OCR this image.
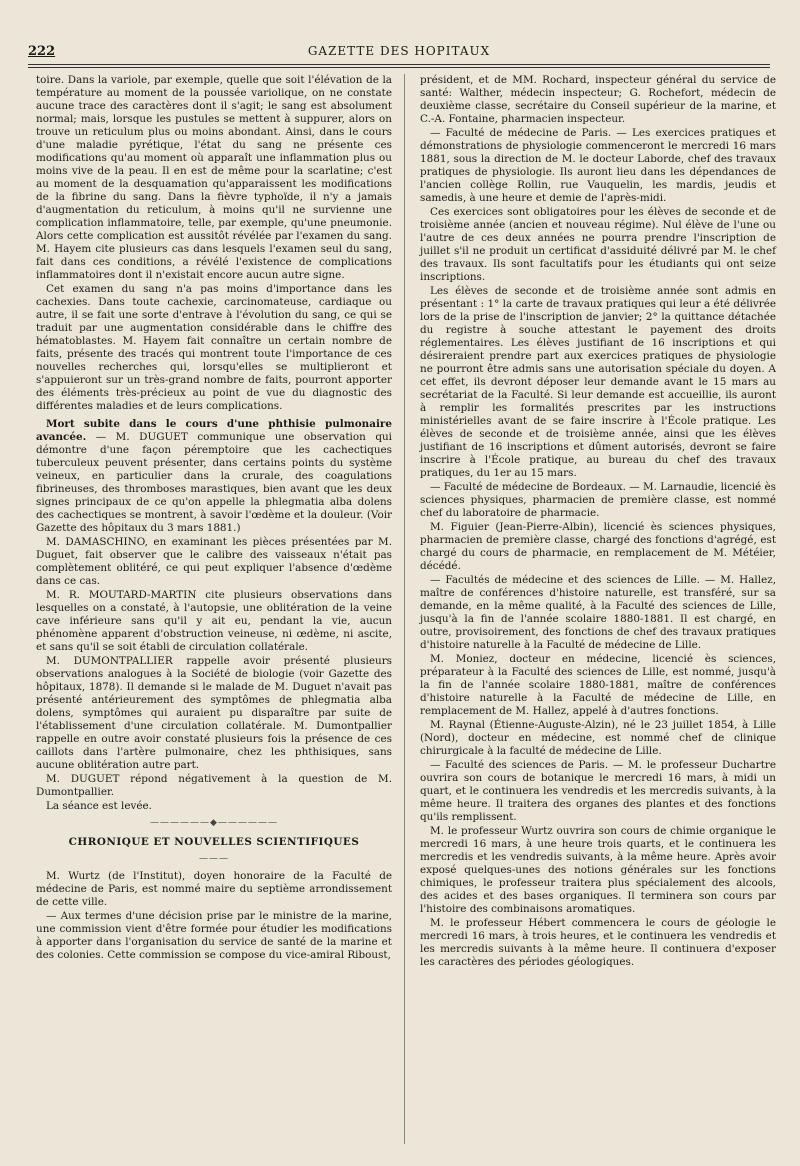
222	GAZETTE DES HOPITAUX

toire. Dans la variole, par exemple, quelle que soit l'élévation de la température au moment de la poussée variolique, on ne constate aucune trace des caractères dont il s'agit; le sang est absolument normal; mais, lorsque les pustules se mettent à suppurer, alors on trouve un reticulum plus ou moins abondant. Ainsi, dans le cours d'une maladie pyrétique, l'état du sang ne présente ces modifications qu'au moment où apparaît une inflammation plus ou moins vive de la peau. Il en est de même pour la scarlatine; c'est au moment de la desquamation qu'apparaissent les modifications de la fibrine du sang. Dans la fièvre typhoïde, il n'y a jamais d'augmentation du reticulum, à moins qu'il ne survienne une complication inflammatoire, telle, par exemple, qu'une pneumonie. Alors cette complication est aussitôt révélée par l'examen du sang. M. Hayem cite plusieurs cas dans lesquels l'examen seul du sang, fait dans ces conditions, a révélé l'existence de complications inflammatoires dont il n'existait encore aucun autre signe.

Cet examen du sang n'a pas moins d'importance dans les cachexies. Dans toute cachexie, carcinomateuse, cardiaque ou autre, il se fait une sorte d'entrave à l'évolution du sang, ce qui se traduit par une augmentation considérable dans le chiffre des hématoblastes. M. Hayem fait connaître un certain nombre de faits, présente des tracés qui montrent toute l'importance de ces nouvelles recherches qui, lorsqu'elles se multiplieront et s'appuieront sur un très-grand nombre de faits, pourront apporter des éléments très-précieux au point de vue du diagnostic des différentes maladies et de leurs complications.

Mort subite dans le cours d'une phthisie pulmonaire avancée. — M. DUGUET communique une observation qui démontre d'une façon péremptoire que les cachectiques tuberculeux peuvent présenter, dans certains points du système veineux, en particulier dans la crurale, des coagulations fibrineuses, des thromboses marastiques, bien avant que les deux signes principaux de ce qu'on appelle la phlegmatia alba dolens des cachectiques se montrent, à savoir l'œdème et la douleur. (Voir Gazette des hôpitaux du 3 mars 1881.)

M. DAMASCHINO, en examinant les pièces présentées par M. Duguet, fait observer que le calibre des vaisseaux n'était pas complètement oblitéré, ce qui peut expliquer l'absence d'œdème dans ce cas.

M. R. MOUTARD-MARTIN cite plusieurs observations dans lesquelles on a constaté, à l'autopsie, une oblitération de la veine cave inférieure sans qu'il y ait eu, pendant la vie, aucun phénomène apparent d'obstruction veineuse, ni œdème, ni ascite, et sans qu'il se soit établi de circulation collatérale.

M. DUMONTPALLIER rappelle avoir présenté plusieurs observations analogues à la Société de biologie (voir Gazette des hôpitaux, 1878). Il demande si le malade de M. Duguet n'avait pas présenté antérieurement des symptômes de phlegmatia alba dolens, symptômes qui auraient pu disparaître par suite de l'établissement d'une circulation collatérale. M. Dumontpallier rappelle en outre avoir constaté plusieurs fois la présence de ces caillots dans l'artère pulmonaire, chez les phthisiques, sans aucune oblitération autre part.

M. DUGUET répond négativement à la question de M. Dumontpallier.

La séance est levée.

——————◆——————
CHRONIQUE ET NOUVELLES SCIENTIFIQUES
———

M. Wurtz (de l'Institut), doyen honoraire de la Faculté de médecine de Paris, est nommé maire du septième arrondissement de cette ville.

— Aux termes d'une décision prise par le ministre de la marine, une commission vient d'être formée pour étudier les modifications à apporter dans l'organisation du service de santé de la marine et des colonies. Cette commission se compose du vice-amiral Riboust,

président, et de MM. Rochard, inspecteur général du service de santé: Walther, médecin inspecteur; G. Rochefort, médecin de deuxième classe, secrétaire du Conseil supérieur de la marine, et C.-A. Fontaine, pharmacien inspecteur.

— Faculté de médecine de Paris. — Les exercices pratiques et démonstrations de physiologie commenceront le mercredi 16 mars 1881, sous la direction de M. le docteur Laborde, chef des travaux pratiques de physiologie. Ils auront lieu dans les dépendances de l'ancien collège Rollin, rue Vauquelin, les mardis, jeudis et samedis, à une heure et demie de l'après-midi.

Ces exercices sont obligatoires pour les élèves de seconde et de troisième année (ancien et nouveau régime). Nul élève de l'une ou l'autre de ces deux années ne pourra prendre l'inscription de juillet s'il ne produit un certificat d'assiduité délivré par M. le chef des travaux. Ils sont facultatifs pour les étudiants qui ont seize inscriptions.

Les élèves de seconde et de troisième année sont admis en présentant : 1° la carte de travaux pratiques qui leur a été délivrée lors de la prise de l'inscription de janvier; 2° la quittance détachée du registre à souche attestant le payement des droits réglementaires. Les élèves justifiant de 16 inscriptions et qui désireraient prendre part aux exercices pratiques de physiologie ne pourront être admis sans une autorisation spéciale du doyen. A cet effet, ils devront déposer leur demande avant le 15 mars au secrétariat de la Faculté. Si leur demande est accueillie, ils auront à remplir les formalités prescrites par les instructions ministérielles avant de se faire inscrire à l'École pratique. Les élèves de seconde et de troisième année, ainsi que les élèves justifiant de 16 inscriptions et dûment autorisés, devront se faire inscrire à l'École pratique, au bureau du chef des travaux pratiques, du 1er au 15 mars.

— Faculté de médecine de Bordeaux. — M. Larnaudie, licencié ès sciences physiques, pharmacien de première classe, est nommé chef du laboratoire de pharmacie.

M. Figuier (Jean-Pierre-Albin), licencié ès sciences physiques, pharmacien de première classe, chargé des fonctions d'agrégé, est chargé du cours de pharmacie, en remplacement de M. Météier, décédé.

— Facultés de médecine et des sciences de Lille. — M. Hallez, maître de conférences d'histoire naturelle, est transféré, sur sa demande, en la même qualité, à la Faculté des sciences de Lille, jusqu'à la fin de l'année scolaire 1880-1881. Il est chargé, en outre, provisoirement, des fonctions de chef des travaux pratiques d'histoire naturelle à la Faculté de médecine de Lille.

M. Moniez, docteur en médecine, licencié ès sciences, préparateur à la Faculté des sciences de Lille, est nommé, jusqu'à la fin de l'année scolaire 1880-1881, maître de conférences d'histoire naturelle à la Faculté de médecine de Lille, en remplacement de M. Hallez, appelé à d'autres fonctions.

M. Raynal (Étienne-Auguste-Alzin), né le 23 juillet 1854, à Lille (Nord), docteur en médecine, est nommé chef de clinique chirurgicale à la faculté de médecine de Lille.

— Faculté des sciences de Paris. — M. le professeur Duchartre ouvrira son cours de botanique le mercredi 16 mars, à midi un quart, et le continuera les vendredis et les mercredis suivants, à la même heure. Il traitera des organes des plantes et des fonctions qu'ils remplissent.

M. le professeur Wurtz ouvrira son cours de chimie organique le mercredi 16 mars, à une heure trois quarts, et le continuera les mercredis et les vendredis suivants, à la même heure. Après avoir exposé quelques-unes des notions générales sur les fonctions chimiques, le professeur traitera plus spécialement des alcools, des acides et des bases organiques. Il terminera son cours par l'histoire des combinaisons aromatiques.

M. le professeur Hébert commencera le cours de géologie le mercredi 16 mars, à trois heures, et le continuera les vendredis et les mercredis suivants à la même heure. Il continuera d'exposer les caractères des périodes géologiques.
